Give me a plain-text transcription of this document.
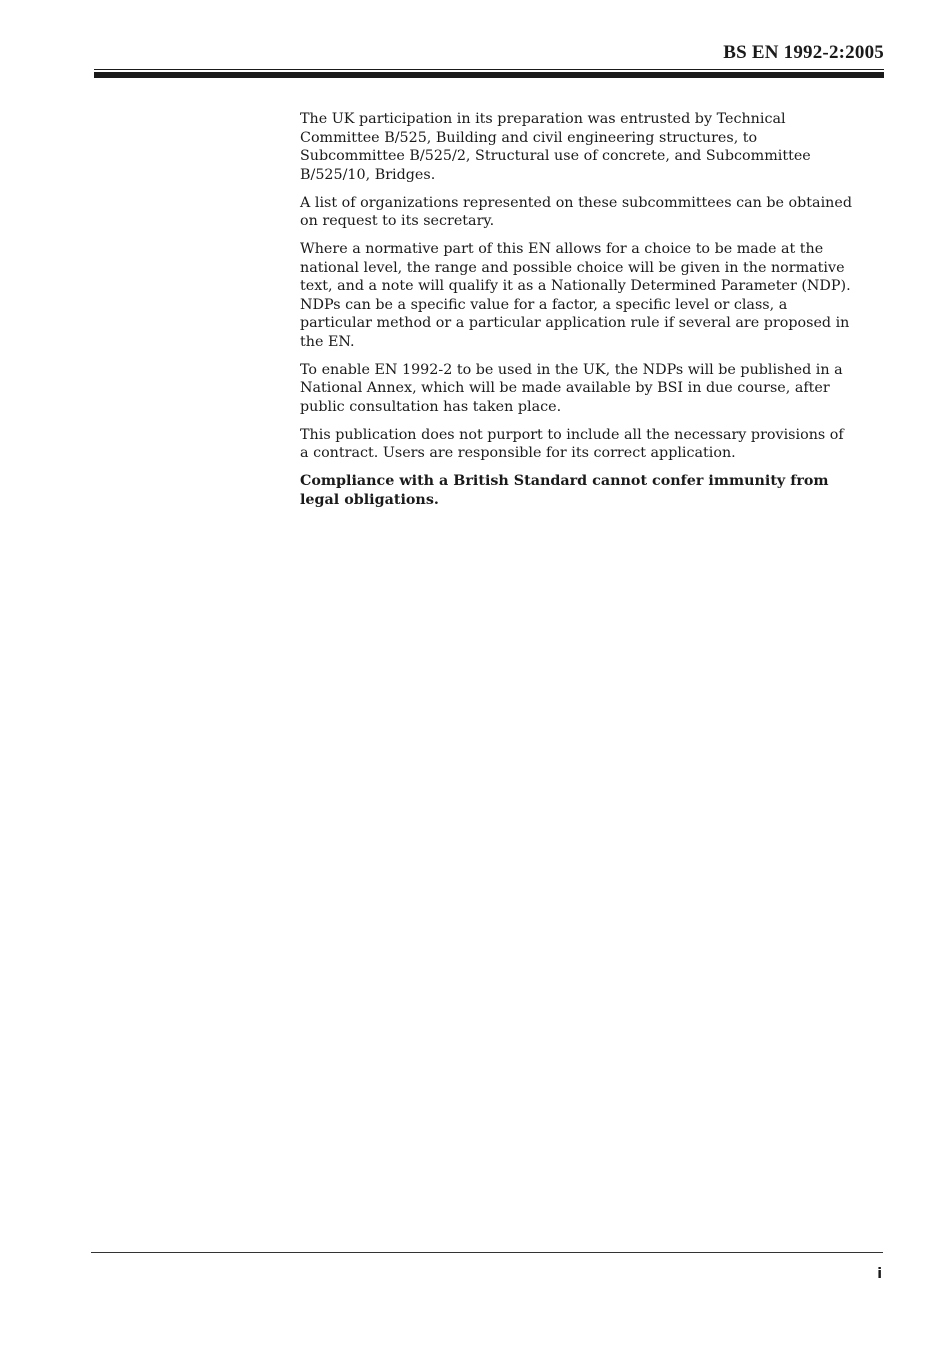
BS EN 1992-2:2005

The UK participation in its preparation was entrusted by Technical Committee B/525, Building and civil engineering structures, to Subcommittee B/525/2, Structural use of concrete, and Subcommittee B/525/10, Bridges.

A list of organizations represented on these subcommittees can be obtained on request to its secretary.

Where a normative part of this EN allows for a choice to be made at the national level, the range and possible choice will be given in the normative text, and a note will qualify it as a Nationally Determined Parameter (NDP). NDPs can be a specific value for a factor, a specific level or class, a particular method or a particular application rule if several are proposed in the EN.

To enable EN 1992-2 to be used in the UK, the NDPs will be published in a National Annex, which will be made available by BSI in due course, after public consultation has taken place.

This publication does not purport to include all the necessary provisions of a contract. Users are responsible for its correct application.

Compliance with a British Standard cannot confer immunity from legal obligations.

i
